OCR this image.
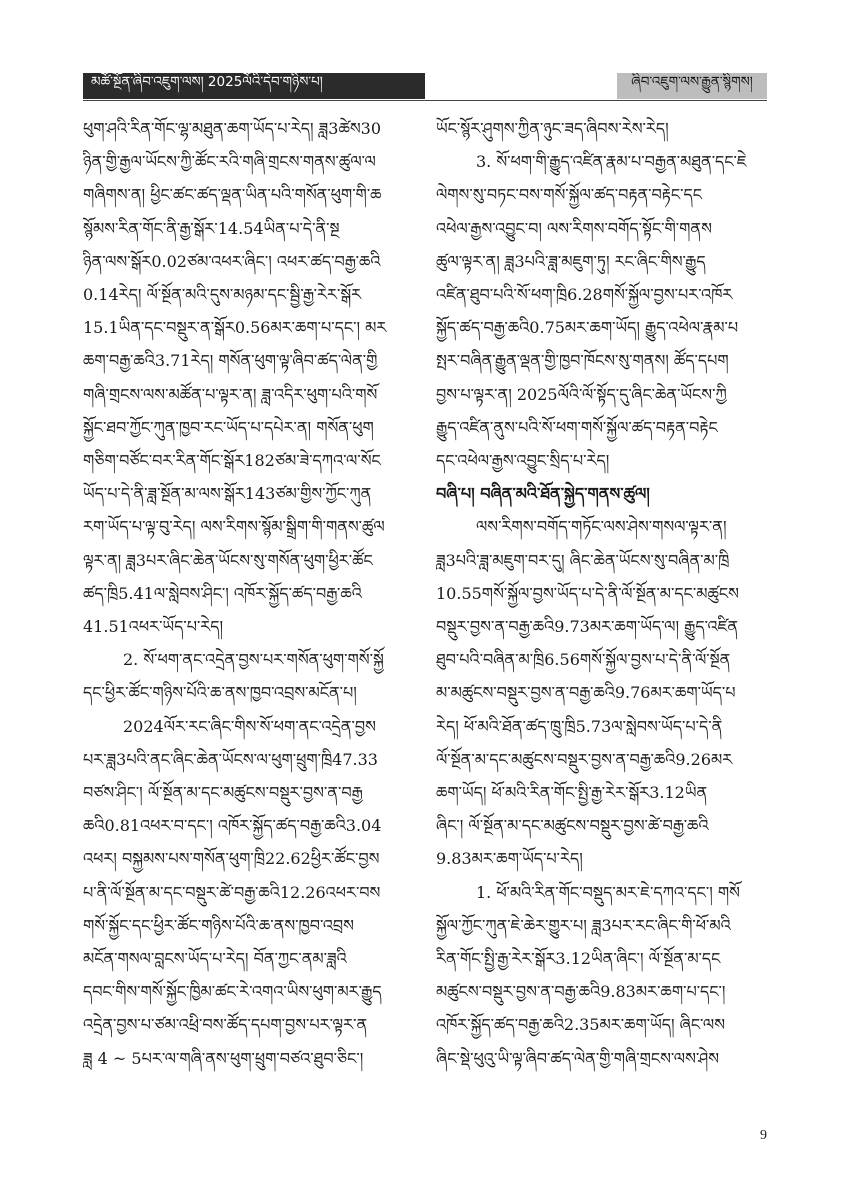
མཚོ་སྔོན་ཞིབ་འཇུག་ལས། 2025ལོའི་དེབ་གཉིས་པ།	ཞིབ་འཇུག་ལས་རྒྱུན་སྙིགས།

ཕུག་ཤའི་རིན་གོང་ལྷ་མཐུན་ཆག་ཡོད་པ་རེད། ཟླ3ཚེས30

ཉིན་གྱི་རྒྱལ་ཡོངས་ཀྱི་ཚོང་རའི་གཞི་གྲངས་གནས་ཚུལ་ལ

གཞིགས་ན། ཕྱིང་ཚང་ཚད་ལྡན་ཡིན་པའི་གསོན་ཕུག་གི་ཆ

སྙོམས་རིན་གོང་ནི་རྒྱ་སྒོར་14.54ཡིན་པ་དེ་ནི་སྔ

ཉིན་ལས་སྒོར0.02ཙམ་འཕར་ཞིང་། འཕར་ཚད་བརྒྱ་ཆའི

0.14རེད། ལོ་སྔོན་མའི་དུས་མཉམ་དང་སྦྱི་རྒྱ་རེར་སྒོར

15.1ཡིན་དང་བསྡུར་ན་སྒོར0.56མར་ཆག་པ་དང་། མར

ཆག་བརྒྱ་ཆའི3.71རེད། གསོན་ཕུག་ལྟ་ཞིབ་ཚད་ལེན་གྱི

གཞི་གྲངས་ལས་མཚོན་པ་ལྟར་ན། ཟླ་འདིར་ཕུག་པའི་གསོ

སྐྱོང་ཐབ་ཀྱོང་ཀུན་ཁྱབ་རང་ཡོད་པ་དཔེར་ན། གསོན་ཕུག

གཅིག་བཙོང་བར་རིན་གོང་སྒོར182ཙམ་ཟེ་དཀའ་ལ་སོང

ཡོད་པ་དེ་ནི་ཟླ་སྔོན་མ་ལས་སྒོར143ཙམ་གྱིས་ཀྱོང་ཀུན

རག་ཡོད་པ་ལྟ་བུ་རེད། ལས་རིགས་སྙོམ་སྒྲིག་གི་གནས་ཚུལ

ལྟར་ན། ཟླ3པར་ཞིང་ཆེན་ཡོངས་སུ་གསོན་ཕུག་ཕྱིར་ཚོང

ཚད་ཁྲི5.41ལ་སླེབས་ཤིང་། འཁོར་སྐྱོད་ཚད་བརྒྱ་ཆའི

41.51འཕར་ཡོད་པ་རེད།

2. སོ་ཕག་ནང་འདྲེན་བྱས་པར་གསོན་ཕུག་གསོ་སྐྱོ

དང་ཕྱིར་ཚོང་གཉིས་པོའི་ཆ་ནས་ཁྱབ་འབྲས་མངོན་པ།

2024ལོར་རང་ཞིང་གིས་སོ་ཕག་ནང་འདྲེན་བྱས

པར་ཟླ3པའི་ནང་ཞིང་ཆེན་ཡོངས་ལ་ཕུག་ཕྲུག་ཁྲི47.33

བཙས་ཤིང་། ལོ་སྔོན་མ་དང་མཚུངས་བསྡུར་བྱས་ན་བརྒྱ

ཆའི0.81འཕར་བ་དང་། འཁོར་སྐྱོད་ཚད་བརྒྱ་ཆའི3.04

འཕར། བསྐྱམས་པས་གསོན་ཕུག་ཁྲི22.62ཕྱིར་ཚོང་བྱས

པ་ནི་ལོ་སྔོན་མ་དང་བསྡུར་ཚེ་བརྒྱ་ཆའི12.26འཕར་བས

གསོ་སྐྱོང་དང་ཕྱིར་ཚོང་གཉིས་པོའི་ཆ་ནས་ཁྱབ་འབྲས

མངོན་གསལ་བླངས་ཡོད་པ་རེད། བོན་ཀྱང་ནམ་ཟླའི

དབང་གིས་གསོ་སྐྱོང་ཁྱིམ་ཚང་རེ་འགའ་ཡིས་ཕུག་མར་རྒྱུད

འདྲེན་བྱས་པ་ཙམ་འཕྲི་བས་ཚོད་དཔག་བྱས་པར་ལྟར་ན

ཟླ 4 ~ 5པར་ལ་གཞི་ནས་ཕུག་ཕྲུག་བཙའ་ཐུབ་ཅིང་།

ཡོང་སྙོར་ཤུགས་ཀྱིན་ཉུང་ཟད་ཞིབས་རེས་རེད།

3. སོ་ཕག་གི་རྒྱུད་འཛིན་རྣམ་པ་བརྒྱན་མཐུན་དང་ཇེ

ལེགས་སུ་བཏང་བས་གསོ་སྐྱོལ་ཚད་བརྟན་བརྟེང་དང

འཕེལ་རྒྱས་འབྱུང་བ། ལས་རིགས་བགོད་སྟོང་གི་གནས

ཚུལ་ལྟར་ན། ཟླ3པའི་ཟླ་མཇུག་ཏུ། རང་ཞིང་གིས་རྒྱུད

འཛིན་ཐུབ་པའི་སོ་ཕག་ཁྲི6.28གསོ་སྐྱོལ་བྱས་པར་འཁོར

སྐྱོད་ཚད་བརྒྱ་ཆའི0.75མར་ཆག་ཡོད། རྒྱུད་འཕེལ་རྣམ་པ

སྤར་བཞིན་རྒྱུན་ལྡན་གྱི་ཁྱབ་ཁོངས་སུ་གནས། ཚོད་དཔག

བྱས་པ་ལྟར་ན། 2025ལོའི་ལོ་སྟོད་དུ་ཞིང་ཆེན་ཡོངས་ཀྱི

རྒྱུད་འཛིན་ནུས་པའི་སོ་ཕག་གསོ་སྐྱོལ་ཚད་བརྟན་བརྟེང

དང་འཕེལ་རྒྱས་འབྱུང་སྲིད་པ་རེད།

བཞི་པ། བཞིན་མའི་ཐོན་སྐྱེད་གནས་ཚུལ།

ལས་རིགས་བགོད་གཏོང་ལས་ཤེས་གསལ་ལྟར་ན།

ཟླ3པའི་ཟླ་མཇུག་བར་དུ། ཞིང་ཆེན་ཡོངས་སུ་བཞིན་མ་ཁྲི

10.55གསོ་སྐྱོལ་བྱས་ཡོད་པ་དེ་ནི་ལོ་སྔོན་མ་དང་མཚུངས

བསྡུར་བྱས་ན་བརྒྱ་ཆའི9.73མར་ཆག་ཡོད་ལ། རྒྱུད་འཛིན

ཐུབ་པའི་བཞིན་མ་ཁྲི6.56གསོ་སྐྱོལ་བྱས་པ་དེ་ནི་ལོ་སྔོན

མ་མཚུངས་བསྡུར་བྱས་ན་བརྒྱ་ཆའི9.76མར་ཆག་ཡོད་པ

རེད། ཕོ་མའི་ཐོན་ཚད་ཁྲུ་ཁྲི5.73ལ་སླེབས་ཡོད་པ་དེ་ནི

ལོ་སྔོན་མ་དང་མཚུངས་བསྡུར་བྱས་ན་བརྒྱ་ཆའི9.26མར

ཆག་ཡོད། ཕོ་མའི་རིན་གོང་སྤྱི་རྒྱ་རེར་སྒོར3.12ཡིན

ཞིང་། ལོ་སྔོན་མ་དང་མཚུངས་བསྡུར་བྱས་ཚེ་བརྒྱ་ཆའི

9.83མར་ཆག་ཡོད་པ་རེད།

1. ཕོ་མའི་རིན་གོང་བསྡུད་མར་ཇེ་དཀའ་དང་། གསོ

སྐྱོལ་ཀྱོང་ཀུན་ཇེ་ཆེར་གྱུར་པ། ཟླ3པར་རང་ཞིང་གི་ཕོ་མའི

རིན་གོང་སྤྱི་རྒྱ་རེར་སྒོར3.12ཡིན་ཞིང་། ལོ་སྔོན་མ་དང

མཚུངས་བསྡུར་བྱས་ན་བརྒྱ་ཆའི9.83མར་ཆག་པ་དང་།

འཁོར་སྐྱོད་ཚད་བརྒྱ་ཆའི2.35མར་ཆག་ཡོད། ཞིང་ལས

ཞིང་སྡེ་ཕུའུ་ཡི་ལྟ་ཞིབ་ཚད་ལེན་གྱི་གཞི་གྲངས་ལས་ཤེས

9
